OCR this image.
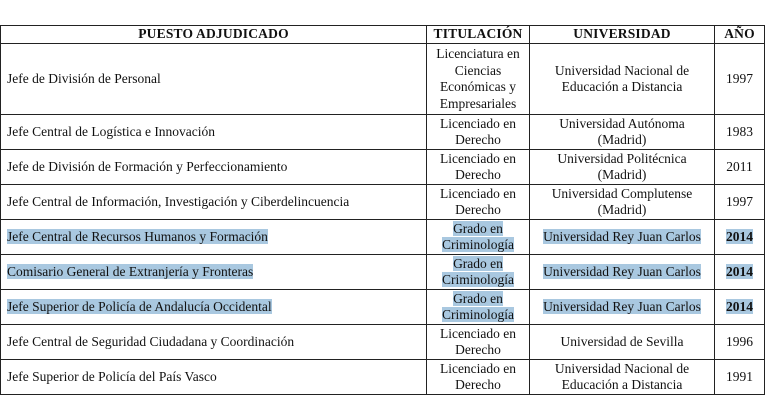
PUESTO ADJUDICADO	TITULACIÓN	UNIVERSIDAD	AÑO
Jefe de División de Personal	Licenciatura en Ciencias Económicas y Empresariales	Universidad Nacional de Educación a Distancia	1997
Jefe Central de Logística e Innovación	Licenciado en Derecho	Universidad Autónoma (Madrid)	1983
Jefe de División de Formación y Perfeccionamiento	Licenciado en Derecho	Universidad Politécnica (Madrid)	2011
Jefe Central de Información, Investigación y Ciberdelincuencia	Licenciado en Derecho	Universidad Complutense (Madrid)	1997
Jefe Central de Recursos Humanos y Formación	Grado en Criminología	Universidad Rey Juan Carlos	2014
Comisario General de Extranjería y Fronteras	Grado en Criminología	Universidad Rey Juan Carlos	2014
Jefe Superior de Policía de Andalucía Occidental	Grado en Criminología	Universidad Rey Juan Carlos	2014
Jefe Central de Seguridad Ciudadana y Coordinación	Licenciado en Derecho	Universidad de Sevilla	1996
Jefe Superior de Policía del País Vasco	Licenciado en Derecho	Universidad Nacional de Educación a Distancia	1991
